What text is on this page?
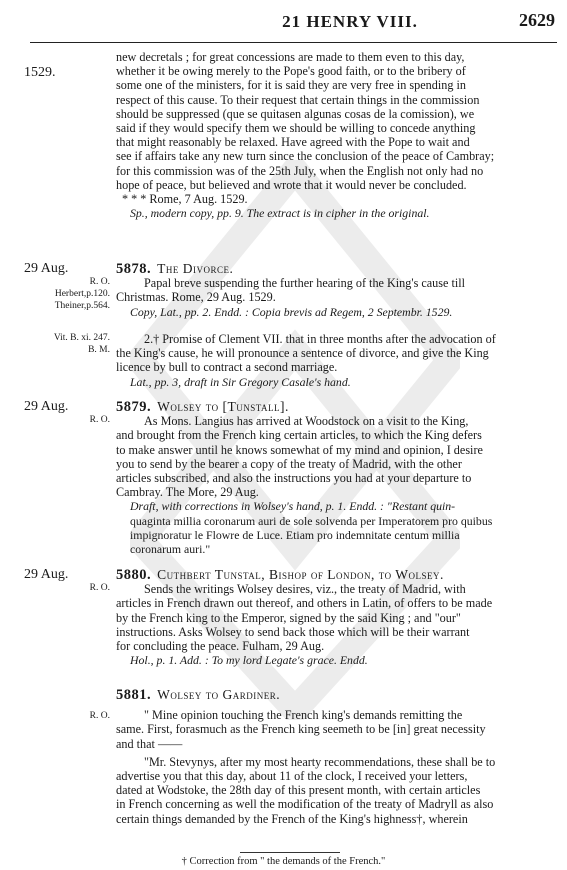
21 HENRY VIII.	2629
1529.

new decretals ; for great concessions are made to them even to this day,

whether it be owing merely to the Pope's good faith, or to the bribery of

some one of the ministers, for it is said they are very free in spending in

respect of this cause. To their request that certain things in the commission

should be suppressed (que se quitasen algunas cosas de la comission), we

said if they would specify them we should be willing to concede anything

that might reasonably be relaxed. Have agreed with the Pope to wait and

see if affairs take any new turn since the conclusion of the peace of Cambray;

for this commission was of the 25th July, when the English not only had no

hope of peace, but believed and wrote that it would never be concluded.

* * * Rome, 7 Aug. 1529.

Sp., modern copy, pp. 9. The extract is in cipher in the original.

29 Aug.
R. O.
Herbert,p.120.
Theiner,p.564.

5878. The Divorce.

Papal breve suspending the further hearing of the King's cause till

Christmas. Rome, 29 Aug. 1529.

Copy, Lat., pp. 2. Endd. : Copia brevis ad Regem, 2 Septembr. 1529.

Vit. B. xi. 247.
B. M.

2.† Promise of Clement VII. that in three months after the advocation of

the King's cause, he will pronounce a sentence of divorce, and give the King

licence by bull to contract a second marriage.

Lat., pp. 3, draft in Sir Gregory Casale's hand.

29 Aug.
R. O.

5879. Wolsey to [Tunstall].

As Mons. Langius has arrived at Woodstock on a visit to the King,

and brought from the French king certain articles, to which the King defers

to make answer until he knows somewhat of my mind and opinion, I desire

you to send by the bearer a copy of the treaty of Madrid, with the other

articles subscribed, and also the instructions you had at your departure to

Cambray. The More, 29 Aug.

Draft, with corrections in Wolsey's hand, p. 1. Endd. : "Restant quin-

quaginta millia coronarum auri de sole solvenda per Imperatorem pro quibus

impignoratur le Flowre de Luce. Etiam pro indemnitate centum millia

coronarum auri."

29 Aug.
R. O.

5880. Cuthbert Tunstal, Bishop of London, to Wolsey.

Sends the writings Wolsey desires, viz., the treaty of Madrid, with

articles in French drawn out thereof, and others in Latin, of offers to be made

by the French king to the Emperor, signed by the said King ; and "our"

instructions. Asks Wolsey to send back those which will be their warrant

for concluding the peace. Fulham, 29 Aug.

Hol., p. 1. Add. : To my lord Legate's grace. Endd.

R. O.

5881. Wolsey to Gardiner.

" Mine opinion touching the French king's demands remitting the

same. First, forasmuch as the French king seemeth to be [in] great necessity

and that ——

"Mr. Stevynys, after my most hearty recommendations, these shall be to

advertise you that this day, about 11 of the clock, I received your letters,

dated at Wodstoke, the 28th day of this present month, with certain articles

in French concerning as well the modification of the treaty of Madryll as also

certain things demanded by the French of the King's highness†, wherein

† Correction from " the demands of the French."
